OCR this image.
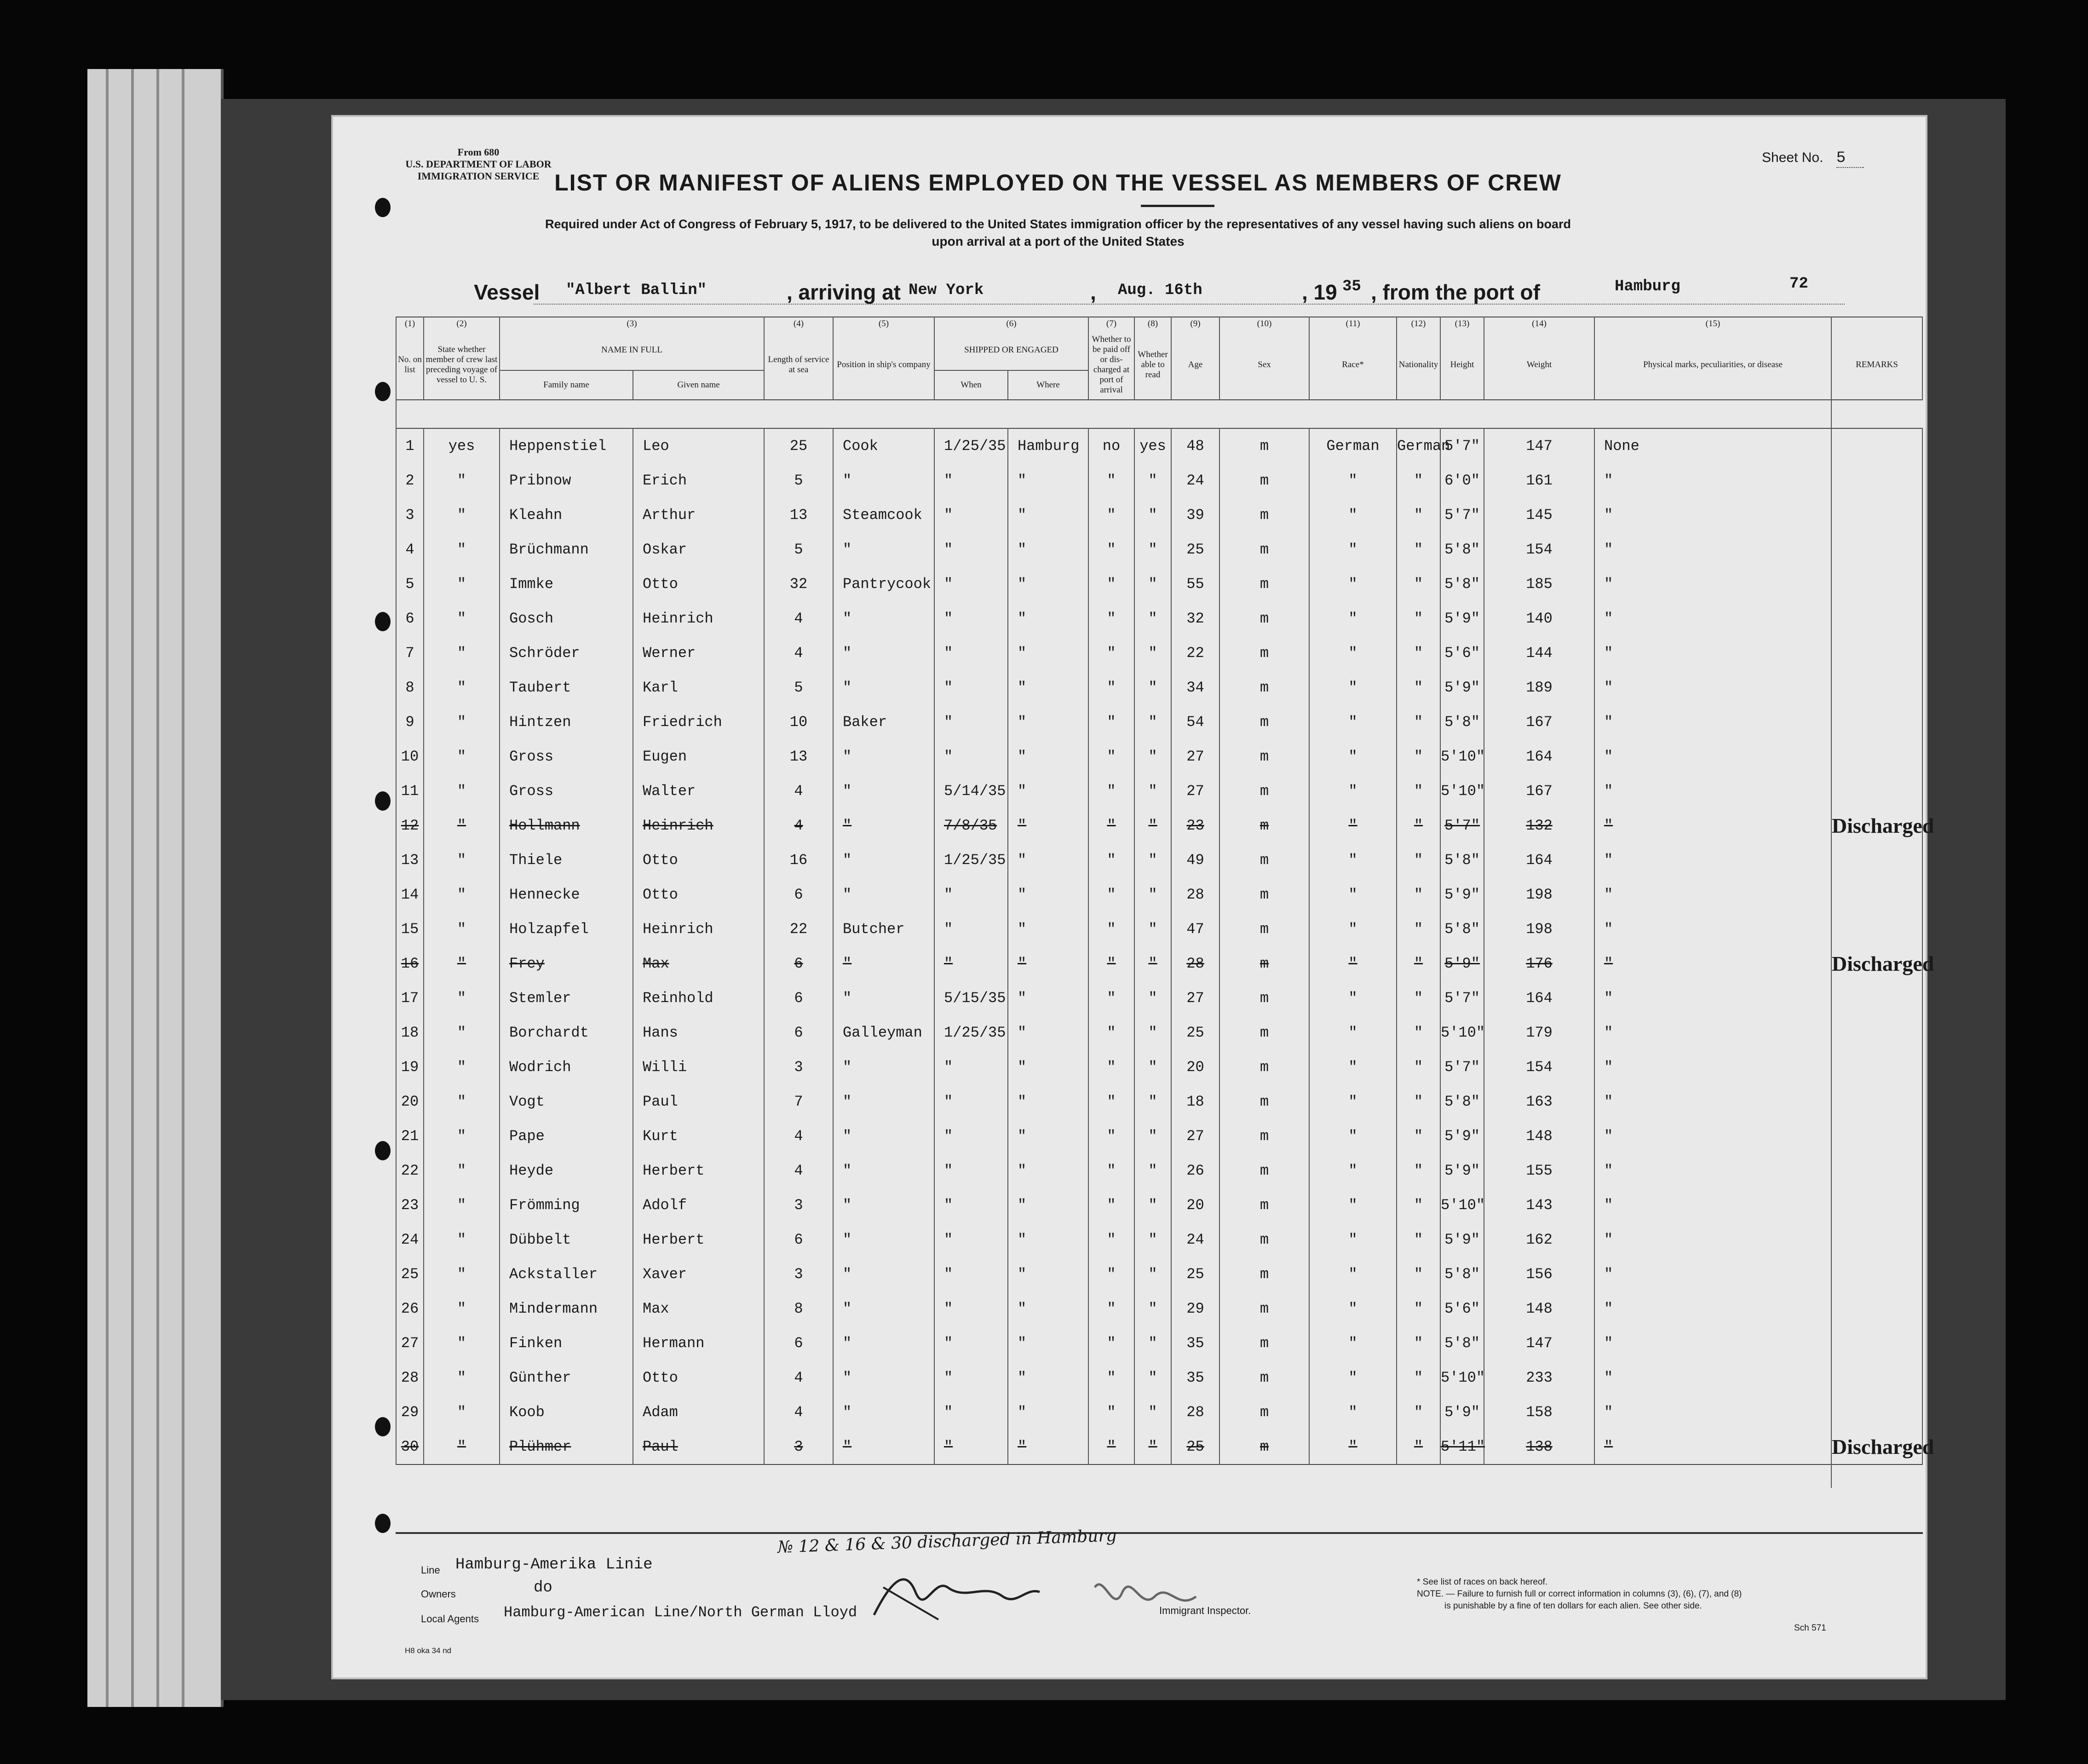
From 680
U.S. DEPARTMENT OF LABOR
IMMIGRATION SERVICE
Sheet No. 5
LIST OR MANIFEST OF ALIENS EMPLOYED ON THE VESSEL AS MEMBERS OF CREW
Required under Act of Congress of February 5, 1917, to be delivered to the United States immigration officer by the representatives of any vessel having such aliens on board
upon arrival at a port of the United States
Vessel "Albert Ballin"	, arriving at New York	, Aug. 16th	, 19 35 , from the port of	Hamburg	72
(1)	(2)	(3)		(4)	(5)	(6)		(7)	(8)	(9)	(10)	(11)	(12)	(13)	(14)	(15)	
No. on list	State whether member of crew last preceding voyage of vessel to U. S.	NAME IN FULL		Length of service at sea	Position in ship's company	SHIPPED OR ENGAGED		Whether to be paid off or dis-charged at port of arrival	Whether able to read	Age	Sex	Race*	Nationality	Height	Weight	Physical marks, peculiarities, or disease	REMARKS
		Family name	Given name			When	Where										

1	yes	Heppenstiel	Leo	25	Cook	1/25/35	Hamburg	no	yes	48	m	German	German	5'7"	147	None	
2	"	Pribnow	Erich	5	"	"	"	"	"	24	m	"	"	6'0"	161	"	
3	"	Kleahn	Arthur	13	Steamcook	"	"	"	"	39	m	"	"	5'7"	145	"	
4	"	Brüchmann	Oskar	5	"	"	"	"	"	25	m	"	"	5'8"	154	"	
5	"	Immke	Otto	32	Pantrycook	"	"	"	"	55	m	"	"	5'8"	185	"	
6	"	Gosch	Heinrich	4	"	"	"	"	"	32	m	"	"	5'9"	140	"	
7	"	Schröder	Werner	4	"	"	"	"	"	22	m	"	"	5'6"	144	"	
8	"	Taubert	Karl	5	"	"	"	"	"	34	m	"	"	5'9"	189	"	
9	"	Hintzen	Friedrich	10	Baker	"	"	"	"	54	m	"	"	5'8"	167	"	
10	"	Gross	Eugen	13	"	"	"	"	"	27	m	"	"	5'10"	164	"	
11	"	Gross	Walter	4	"	5/14/35	"	"	"	27	m	"	"	5'10"	167	"	
12	"	Hollmann	Heinrich	4	"	7/8/35	"	"	"	23	m	"	"	5'7"	132	"	Discharged
13	"	Thiele	Otto	16	"	1/25/35	"	"	"	49	m	"	"	5'8"	164	"	
14	"	Hennecke	Otto	6	"	"	"	"	"	28	m	"	"	5'9"	198	"	
15	"	Holzapfel	Heinrich	22	Butcher	"	"	"	"	47	m	"	"	5'8"	198	"	
16	"	Frey	Max	6	"	"	"	"	"	28	m	"	"	5'9"	176	"	Discharged
17	"	Stemler	Reinhold	6	"	5/15/35	"	"	"	27	m	"	"	5'7"	164	"	
18	"	Borchardt	Hans	6	Galleyman	1/25/35	"	"	"	25	m	"	"	5'10"	179	"	
19	"	Wodrich	Willi	3	"	"	"	"	"	20	m	"	"	5'7"	154	"	
20	"	Vogt	Paul	7	"	"	"	"	"	18	m	"	"	5'8"	163	"	
21	"	Pape	Kurt	4	"	"	"	"	"	27	m	"	"	5'9"	148	"	
22	"	Heyde	Herbert	4	"	"	"	"	"	26	m	"	"	5'9"	155	"	
23	"	Frömming	Adolf	3	"	"	"	"	"	20	m	"	"	5'10"	143	"	
24	"	Dübbelt	Herbert	6	"	"	"	"	"	24	m	"	"	5'9"	162	"	
25	"	Ackstaller	Xaver	3	"	"	"	"	"	25	m	"	"	5'8"	156	"	
26	"	Mindermann	Max	8	"	"	"	"	"	29	m	"	"	5'6"	148	"	
27	"	Finken	Hermann	6	"	"	"	"	"	35	m	"	"	5'8"	147	"	
28	"	Günther	Otto	4	"	"	"	"	"	35	m	"	"	5'10"	233	"	
29	"	Koob	Adam	4	"	"	"	"	"	28	m	"	"	5'9"	158	"	
30	"	Plühmer	Paul	3	"	"	"	"	"	25	m	"	"	5'11"	138	"	Discharged

Line Hamburg-Amerika Linie
Owners	do
Local Agents Hamburg-American Line/North German Lloyd
№ 12 & 16 & 30 discharged in Hamburg
Immigrant Inspector.
* See list of races on back hereof.
NOTE. — Failure to furnish full or correct information in columns (3), (6), (7), and (8)
is punishable by a fine of ten dollars for each alien. See other side.
Sch 571
H8 oka 34 nd
